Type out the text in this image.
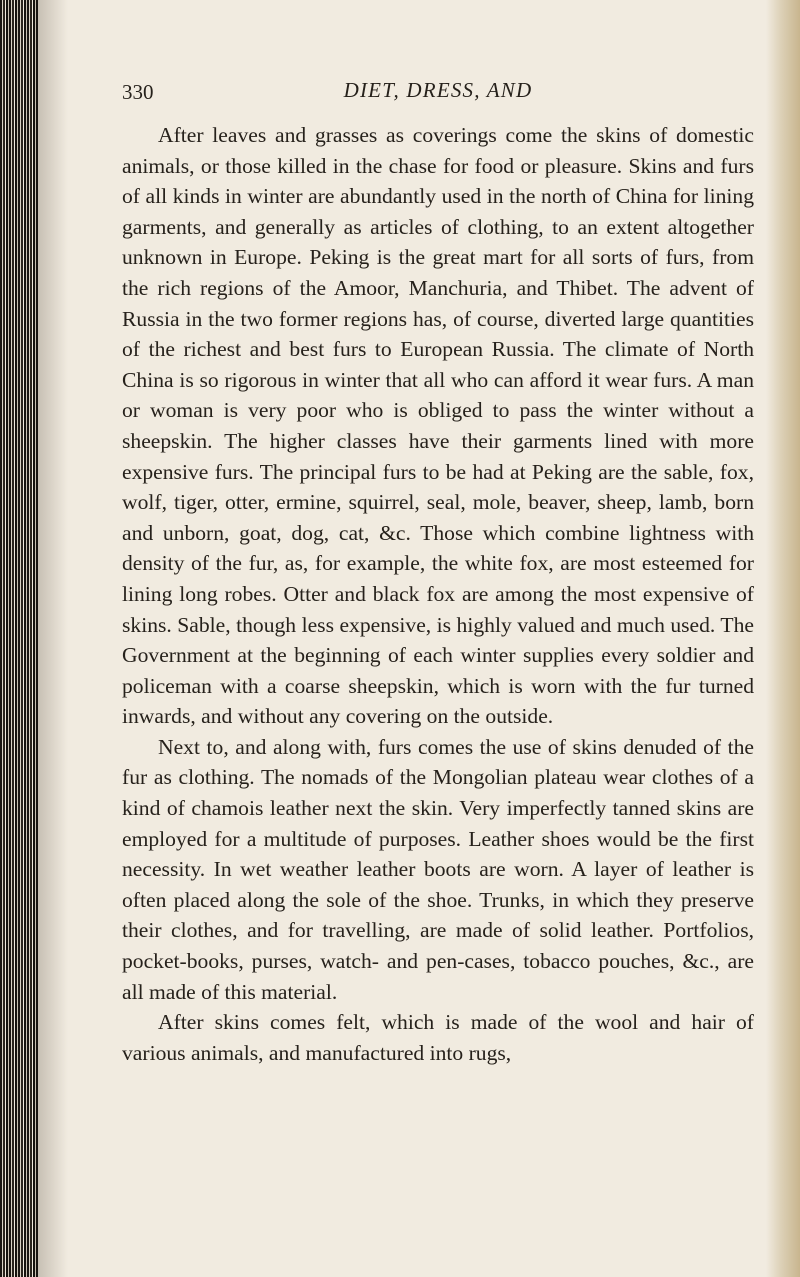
330	DIET, DRESS, AND

After leaves and grasses as coverings come the skins of domestic animals, or those killed in the chase for food or pleasure. Skins and furs of all kinds in winter are abundantly used in the north of China for lining garments, and generally as articles of clothing, to an extent altogether unknown in Europe. Peking is the great mart for all sorts of furs, from the rich regions of the Amoor, Manchuria, and Thibet. The advent of Russia in the two former regions has, of course, diverted large quantities of the richest and best furs to European Russia. The climate of North China is so rigorous in winter that all who can afford it wear furs. A man or woman is very poor who is obliged to pass the winter without a sheepskin. The higher classes have their garments lined with more expensive furs. The principal furs to be had at Peking are the sable, fox, wolf, tiger, otter, ermine, squirrel, seal, mole, beaver, sheep, lamb, born and unborn, goat, dog, cat, &c. Those which combine lightness with density of the fur, as, for example, the white fox, are most esteemed for lining long robes. Otter and black fox are among the most expensive of skins. Sable, though less expensive, is highly valued and much used. The Government at the beginning of each winter supplies every soldier and policeman with a coarse sheepskin, which is worn with the fur turned inwards, and without any covering on the outside.

Next to, and along with, furs comes the use of skins denuded of the fur as clothing. The nomads of the Mongolian plateau wear clothes of a kind of chamois leather next the skin. Very imperfectly tanned skins are employed for a multitude of purposes. Leather shoes would be the first necessity. In wet weather leather boots are worn. A layer of leather is often placed along the sole of the shoe. Trunks, in which they preserve their clothes, and for travelling, are made of solid leather. Portfolios, pocket-books, purses, watch- and pen-cases, tobacco pouches, &c., are all made of this material.

After skins comes felt, which is made of the wool and hair of various animals, and manufactured into rugs,
